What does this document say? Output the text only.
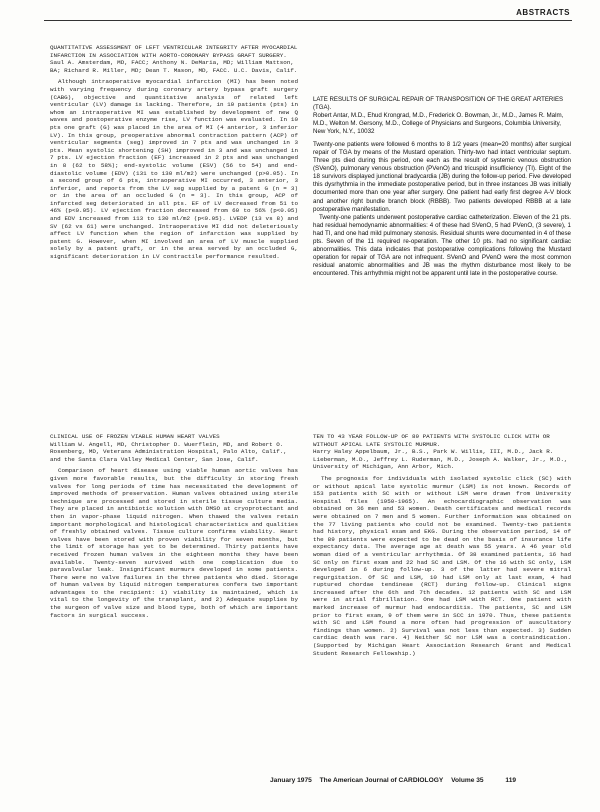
ABSTRACTS

QUANTITATIVE ASSESSMENT OF LEFT VENTRICULAR INTEGRITY AFTER MYOCARDIAL INFARCTION IN ASSOCIATION WITH AORTO-CORONARY BYPASS GRAFT SURGERY.

Saul A. Amsterdam, MD, FACC; Anthony N. DeMaria, MD; William Mattson, BA; Richard R. Miller, MD; Dean T. Mason, MD, FACC. U.C. Davis, Calif.

Although intraoperative myocardial infarction (MI) has been noted with varying frequency during coronary artery bypass graft surgery (CABG), objective and quantitative analysis of related left ventricular (LV) damage is lacking. Therefore, in 10 patients (pts) in whom an intraoperative MI was established by development of new Q waves and postoperative enzyme rise, LV function was evaluated. In 10 pts one graft (G) was placed in the area of MI (4 anterior, 3 inferior LV). In this group, preoperative abnormal contraction pattern (ACP) of ventricular segments (seg) improved in 7 pts and was unchanged in 3 pts. Mean systolic shortening (SH) improved in 3 and was unchanged in 7 pts. LV ejection fraction (EF) increased in 2 pts and was unchanged in 8 (62 to 58%); end-systolic volume (ESV) (56 to 54) and end-diastolic volume (EDV) (131 to 130 ml/m2) were unchanged (p>0.05). In a second group of 6 pts, intraoperative MI occurred, 3 anterior, 3 inferior, and reports from the LV seg supplied by a patent G (n = 3) or in the area of an occluded G (n = 3). In this group, ACP of infarcted seg deteriorated in all pts. EF of LV decreased from 51 to 46% (p<0.05). LV ejection fraction decreased from 60 to 56% (p<0.05) and EDV increased from 113 to 130 ml/m2 (p<0.05). LVEDP (13 vs 8) and SV (62 vs 61) were unchanged. Intraoperative MI did not deleteriously affect LV function when the region of infarction was supplied by patent G. However, when MI involved an area of LV muscle supplied solely by a patent graft, or in the area served by an occluded G, significant deterioration in LV contractile performance resulted.

CLINICAL USE OF FROZEN VIABLE HUMAN HEART VALVES

William W. Angell, MD, Christopher D. Wuerflein, MD, and Robert O. Rosenberg, MD, Veterans Administration Hospital, Palo Alto, Calif., and the Santa Clara Valley Medical Center, San Jose, Calif.

Comparison of heart disease using viable human aortic valves has given more favorable results, but the difficulty in storing fresh valves for long periods of time has necessitated the development of improved methods of preservation. Human valves obtained using sterile technique are processed and stored in sterile tissue culture media. They are placed in antibiotic solution with DMSO at cryoprotectant and then in vapor-phase liquid nitrogen. When thawed the valves retain important morphological and histological characteristics and qualities of freshly obtained valves. Tissue culture confirms viability. Heart valves have been stored with proven viability for seven months, but the limit of storage has yet to be determined. Thirty patients have received frozen human valves in the eighteen months they have been available. Twenty-seven survived with one complication due to paravalvular leak. Insignificant murmurs developed in some patients. There were no valve failures in the three patients who died. Storage of human valves by liquid nitrogen temperatures confers two important advantages to the recipient: 1) viability is maintained, which is vital to the longevity of the transplant, and 2) Adequate supplies by the surgeon of valve size and blood type, both of which are important factors in surgical success.

LATE RESULTS OF SURGICAL REPAIR OF TRANSPOSITION OF THE GREAT ARTERIES (TGA).

Robert Antar, M.D., Ehud Krongrad, M.D., Frederick O. Bowman, Jr., M.D., James R. Malm, M.D., Welton M. Gersony, M.D., College of Physicians and Surgeons, Columbia University, New York, N.Y., 10032

Twenty-one patients were followed 6 months to 8 1/2 years (mean=20 months) after surgical repair of TGA by means of the Mustard operation. Thirty-two had intact ventricular septum. Three pts died during this period, one each as the result of systemic venous obstruction (SVenO), pulmonary venous obstruction (PVenO) and tricuspid insufficiency (TI). Eight of the 18 survivors displayed junctional bradycardia (JB) during the follow-up period. Five developed this dysrhythmia in the immediate postoperative period, but in three instances JB was initially documented more than one year after surgery. One patient had early first degree A-V block and another right bundle branch block (RBBB). Two patients developed RBBB at a late postoperative manifestation.

Twenty-one patients underwent postoperative cardiac catheterization. Eleven of the 21 pts. had residual hemodynamic abnormalities: 4 of these had SVenO, 5 had PVenO, (3 severe), 1 had TI, and one had mild pulmonary stenosis. Residual shunts were documented in 4 of these pts. Seven of the 11 required re-operation. The other 10 pts. had no significant cardiac abnormalities. This data indicates that postoperative complications following the Mustard operation for repair of TGA are not infrequent. SVenO and PVenO were the most common residual anatomic abnormalities and JB was the rhythm disturbance most likely to be encountered. This arrhythmia might not be apparent until late in the postoperative course.

TEN TO 43 YEAR FOLLOW-UP OF 89 PATIENTS WITH SYSTOLIC CLICK WITH OR WITHOUT APICAL LATE SYSTOLIC MURMUR.

Harry Haley Appelbaum, Jr., B.S., Park W. Willis, III, M.D., Jack R. Lieberman, M.D., Jeffrey L. Ruderman, M.D., Joseph A. Walker, Jr., M.D., University of Michigan, Ann Arbor, Mich.

The prognosis for individuals with isolated systolic click (SC) with or without apical late systolic murmur (LSM) is not known. Records of 153 patients with SC with or without LSM were drawn from University Hospital files (1950-1965). An echocardiographic observation was obtained on 36 men and 53 women. Death certificates and medical records were obtained on 7 men and 5 women. Further information was obtained on the 77 living patients who could not be examined. Twenty-two patients had history, physical exam and EKG. During the observation period, 14 of the 89 patients were expected to be dead on the basis of insurance life expectancy data. The average age at death was 55 years. A 46 year old woman died of a ventricular arrhythmia. Of 38 examined patients, 16 had SC only on first exam and 22 had SC and LSM. Of the 16 with SC only, LSM developed in 6 during follow-up. 3 of the latter had severe mitral regurgitation. Of SC and LSM, 10 had LSM only at last exam, 4 had ruptured chordae tendineae (RCT) during follow-up. Clinical signs increased after the 6th and 7th decades. 12 patients with SC and LSM were in atrial fibrillation. One had LSM with RCT. One patient with marked increase of murmur had endocarditis. The patients, SC and LSM prior to first exam, 9 of them were in SCC in 1970. Thus, these patients with SC and LSM found a more often had progression of auscultatory findings than women. 2) Survival was not less than expected. 3) Sudden cardiac death was rare. 4) Neither SC nor LSM was a contraindication. (Supported by Michigan Heart Association Research Grant and Medical Student Research Fellowship.)

January 1975 The American Journal of CARDIOLOGY Volume 35	119
